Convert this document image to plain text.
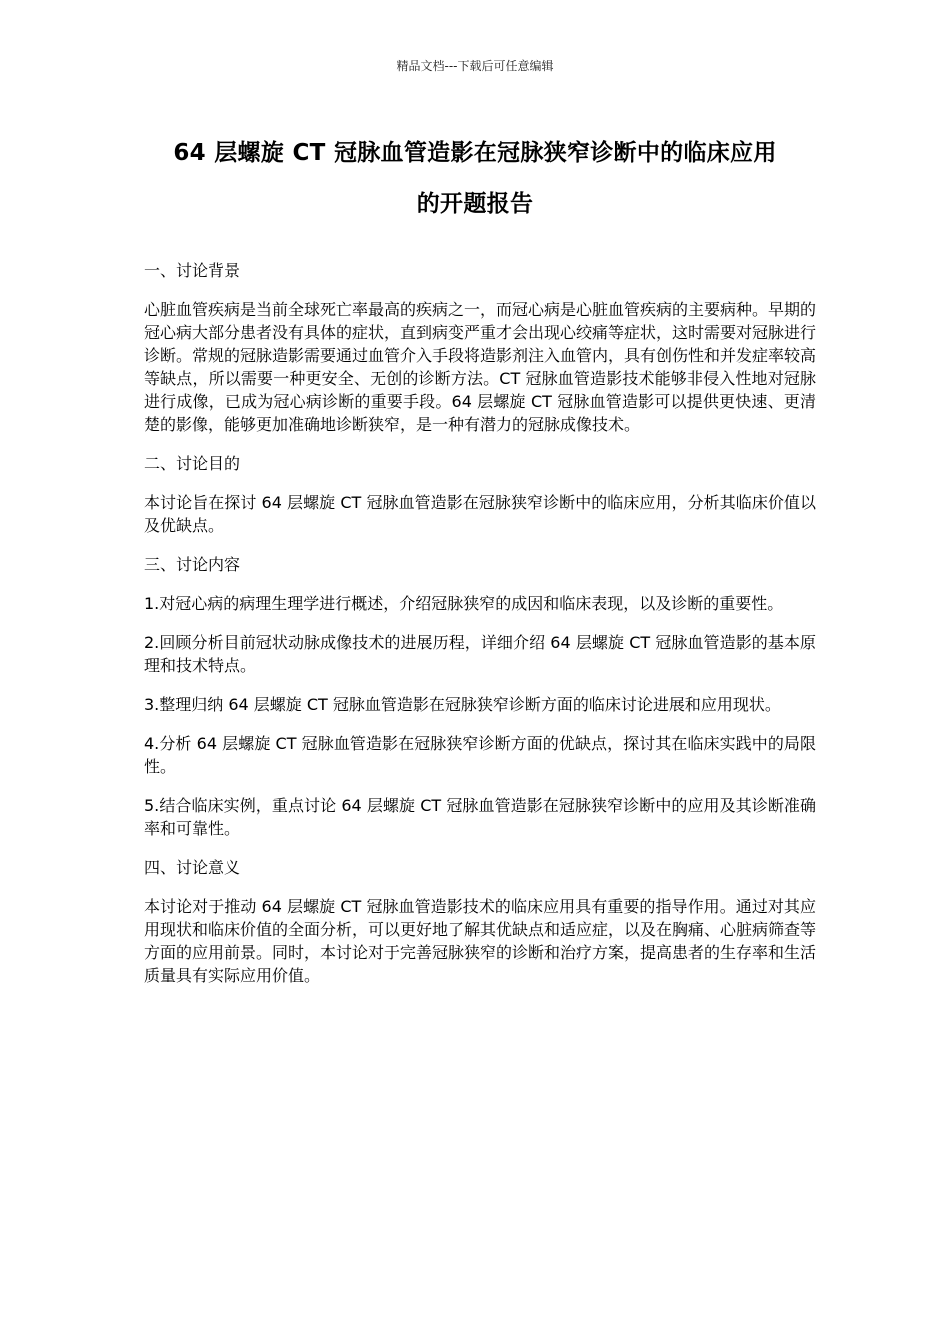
精品文档---下载后可任意编辑
64 层螺旋 CT 冠脉血管造影在冠脉狭窄诊断中的临床应用
的开题报告

一、讨论背景

心脏血管疾病是当前全球死亡率最高的疾病之一，而冠心病是心脏血管疾病的主要病种。早期的冠心病大部分患者没有具体的症状，直到病变严重才会出现心绞痛等症状，这时需要对冠脉进行诊断。常规的冠脉造影需要通过血管介入手段将造影剂注入血管内，具有创伤性和并发症率较高等缺点，所以需要一种更安全、无创的诊断方法。CT 冠脉血管造影技术能够非侵入性地对冠脉进行成像，已成为冠心病诊断的重要手段。64 层螺旋 CT 冠脉血管造影可以提供更快速、更清楚的影像，能够更加准确地诊断狭窄，是一种有潜力的冠脉成像技术。

二、讨论目的

本讨论旨在探讨 64 层螺旋 CT 冠脉血管造影在冠脉狭窄诊断中的临床应用，分析其临床价值以及优缺点。

三、讨论内容

1.对冠心病的病理生理学进行概述，介绍冠脉狭窄的成因和临床表现，以及诊断的重要性。

2.回顾分析目前冠状动脉成像技术的进展历程，详细介绍 64 层螺旋 CT 冠脉血管造影的基本原理和技术特点。

3.整理归纳 64 层螺旋 CT 冠脉血管造影在冠脉狭窄诊断方面的临床讨论进展和应用现状。

4.分析 64 层螺旋 CT 冠脉血管造影在冠脉狭窄诊断方面的优缺点，探讨其在临床实践中的局限性。

5.结合临床实例，重点讨论 64 层螺旋 CT 冠脉血管造影在冠脉狭窄诊断中的应用及其诊断准确率和可靠性。

四、讨论意义

本讨论对于推动 64 层螺旋 CT 冠脉血管造影技术的临床应用具有重要的指导作用。通过对其应用现状和临床价值的全面分析，可以更好地了解其优缺点和适应症，以及在胸痛、心脏病筛查等方面的应用前景。同时，本讨论对于完善冠脉狭窄的诊断和治疗方案，提高患者的生存率和生活质量具有实际应用价值。
